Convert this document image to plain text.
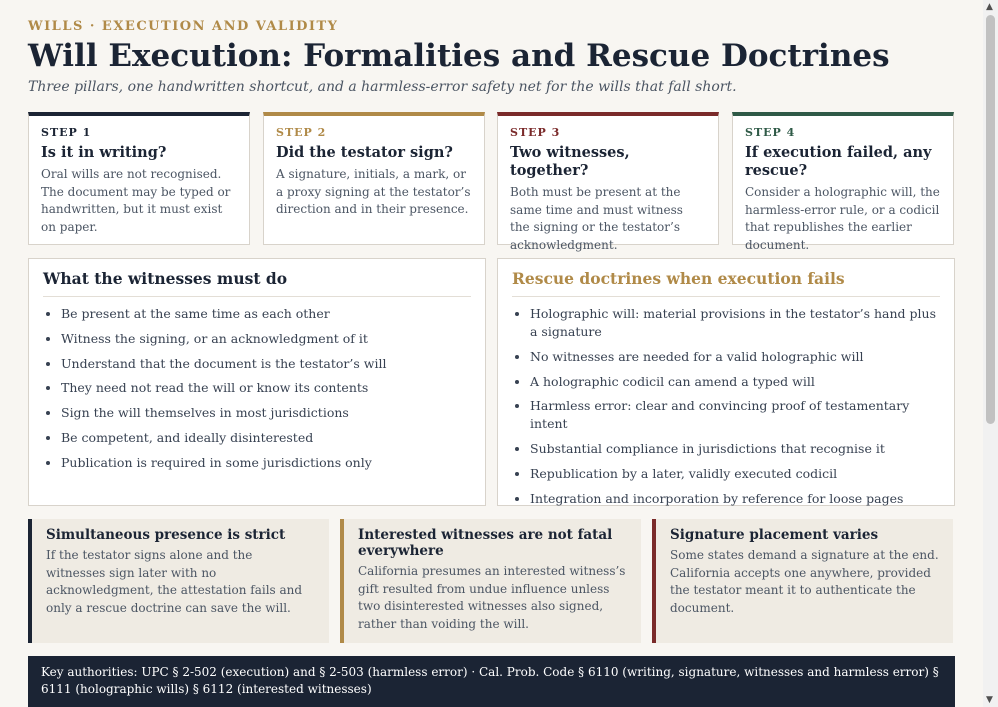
WILLS · EXECUTION AND VALIDITY
Will Execution: Formalities and Rescue Doctrines
Three pillars, one handwritten shortcut, and a harmless-error safety net for the wills that fall short.
STEP 1
Is it in writing?
Oral wills are not recognised. The document may be typed or handwritten, but it must exist on paper.
STEP 2
Did the testator sign?
A signature, initials, a mark, or a proxy signing at the testator’s direction and in their presence.
STEP 3
Two witnesses, together?
Both must be present at the same time and must witness the signing or the testator’s acknowledgment.
STEP 4
If execution failed, any rescue?
Consider a holographic will, the harmless-error rule, or a codicil that republishes the earlier document.
What the witnesses must do
• Be present at the same time as each other
• Witness the signing, or an acknowledgment of it
• Understand that the document is the testator’s will
• They need not read the will or know its contents
• Sign the will themselves in most jurisdictions
• Be competent, and ideally disinterested
• Publication is required in some jurisdictions only
Rescue doctrines when execution fails
• Holographic will: material provisions in the testator’s hand plus a signature
• No witnesses are needed for a valid holographic will
• A holographic codicil can amend a typed will
• Harmless error: clear and convincing proof of testamentary intent
• Substantial compliance in jurisdictions that recognise it
• Republication by a later, validly executed codicil
• Integration and incorporation by reference for loose pages
Simultaneous presence is strict
If the testator signs alone and the witnesses sign later with no acknowledgment, the attestation fails and only a rescue doctrine can save the will.
Interested witnesses are not fatal everywhere
California presumes an interested witness’s gift resulted from undue influence unless two disinterested witnesses also signed, rather than voiding the will.
Signature placement varies
Some states demand a signature at the end. California accepts one anywhere, provided the testator meant it to authenticate the document.
Key authorities: UPC § 2-502 (execution) and § 2-503 (harmless error) · Cal. Prob. Code § 6110 (writing, signature, witnesses and harmless error) § 6111 (holographic wills) § 6112 (interested witnesses)
▲
▼
